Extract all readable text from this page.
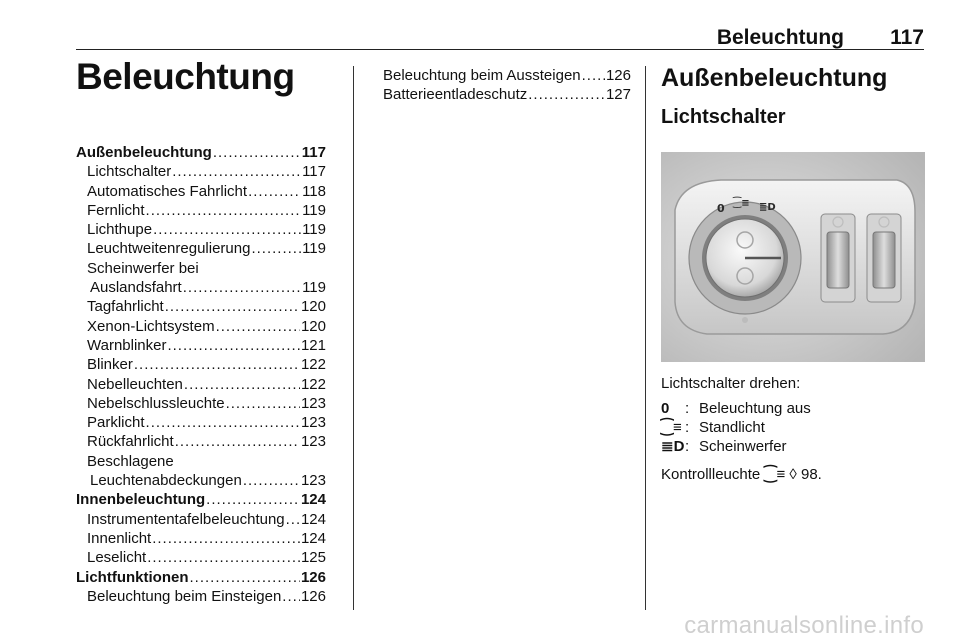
Beleuchtung 117
Beleuchtung
Außenbeleuchtung .....	117
Lichtschalter .....	117
Automatisches Fahrlicht .....	118
Fernlicht .....	119
Lichthupe .....	119
Leuchtweitenregulierung .....	119
Scheinwerfer bei
Auslandsfahrt .....	119
Tagfahrlicht .....	120
Xenon-Lichtsystem .....	120
Warnblinker .....	121
Blinker .....	122
Nebelleuchten .....	122
Nebelschlussleuchte .....	123
Parklicht .....	123
Rückfahrlicht .....	123
Beschlagene
Leuchtenabdeckungen .....	123
Innenbeleuchtung .....	124
Instrumententafelbeleuchtung ..... 124
Innenlicht .....	124
Leselicht .....	125
Lichtfunktionen .....	126
Beleuchtung beim Einsteigen ..... 126
Beleuchtung beim Aussteigen ..... 126
Batterieentladeschutz .....	127
Außenbeleuchtung
Lichtschalter
0 ⁐≡ ≣D
Lichtschalter drehen:
0	: Beleuchtung aus
⁐≡ : Standlicht
≣D : Scheinwerfer
Kontrollleuchte ⁐≡ ◊ 98.
carmanualsonline.info
